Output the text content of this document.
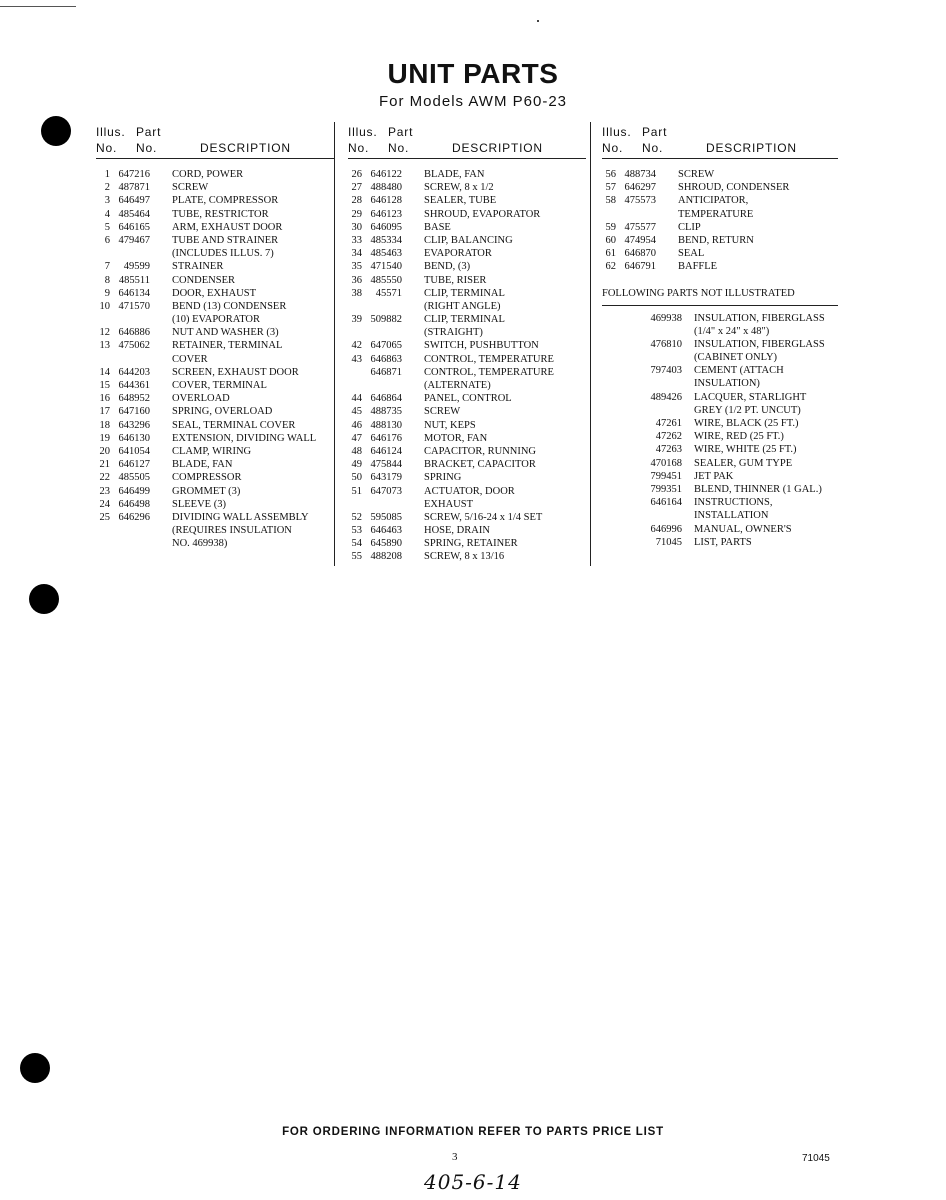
UNIT PARTS
For Models AWM P60-23
Illus. Part
No. No.	DESCRIPTION
1 647216 CORD, POWER
2 487871 SCREW
3 646497 PLATE, COMPRESSOR
4 485464 TUBE, RESTRICTOR
5 646165 ARM, EXHAUST DOOR
6 479467 TUBE AND STRAINER
(INCLUDES ILLUS. 7)
7	49599 STRAINER
8 485511 CONDENSER
9 646134 DOOR, EXHAUST
10 471570 BEND (13) CONDENSER
(10) EVAPORATOR
12 646886 NUT AND WASHER (3)
13 475062 RETAINER, TERMINAL
COVER
14 644203 SCREEN, EXHAUST DOOR
15 644361 COVER, TERMINAL
16 648952 OVERLOAD
17 647160 SPRING, OVERLOAD
18 643296 SEAL, TERMINAL COVER
19 646130 EXTENSION, DIVIDING WALL
20 641054 CLAMP, WIRING
21 646127 BLADE, FAN
22 485505 COMPRESSOR
23 646499 GROMMET (3)
24 646498 SLEEVE (3)
25 646296 DIVIDING WALL ASSEMBLY
(REQUIRES INSULATION
NO. 469938)
Illus. Part
No. No.	DESCRIPTION
26 646122 BLADE, FAN
27 488480 SCREW, 8 x 1/2
28 646128 SEALER, TUBE
29 646123 SHROUD, EVAPORATOR
30 646095 BASE
33 485334 CLIP, BALANCING
34 485463 EVAPORATOR
35 471540 BEND, (3)
36 485550 TUBE, RISER
38	45571 CLIP, TERMINAL
(RIGHT ANGLE)
39 509882 CLIP, TERMINAL
(STRAIGHT)
42 647065 SWITCH, PUSHBUTTON
43 646863 CONTROL, TEMPERATURE
646871 CONTROL, TEMPERATURE
(ALTERNATE)
44 646864 PANEL, CONTROL
45 488735 SCREW
46 488130 NUT, KEPS
47 646176 MOTOR, FAN
48 646124 CAPACITOR, RUNNING
49 475844 BRACKET, CAPACITOR
50 643179 SPRING
51 647073 ACTUATOR, DOOR
EXHAUST
52 595085 SCREW, 5/16-24 x 1/4 SET
53 646463 HOSE, DRAIN
54 645890 SPRING, RETAINER
55 488208 SCREW, 8 x 13/16
Illus. Part
No. No.	DESCRIPTION
56 488734 SCREW
57 646297 SHROUD, CONDENSER
58 475573 ANTICIPATOR,
TEMPERATURE
59 475577 CLIP
60 474954 BEND, RETURN
61 646870 SEAL
62 646791 BAFFLE
FOLLOWING PARTS NOT ILLUSTRATED
469938 INSULATION, FIBERGLASS
(1/4" x 24" x 48")
476810 INSULATION, FIBERGLASS
(CABINET ONLY)
797403 CEMENT (ATTACH
INSULATION)
489426 LACQUER, STARLIGHT
GREY (1/2 PT. UNCUT)
47261 WIRE, BLACK (25 FT.)
47262 WIRE, RED (25 FT.)
47263 WIRE, WHITE (25 FT.)
470168 SEALER, GUM TYPE
799451 JET PAK
799351 BLEND, THINNER (1 GAL.)
646164 INSTRUCTIONS,
INSTALLATION
646996 MANUAL, OWNER'S
71045 LIST, PARTS
FOR ORDERING INFORMATION REFER TO PARTS PRICE LIST
3	71045
405-6-14
